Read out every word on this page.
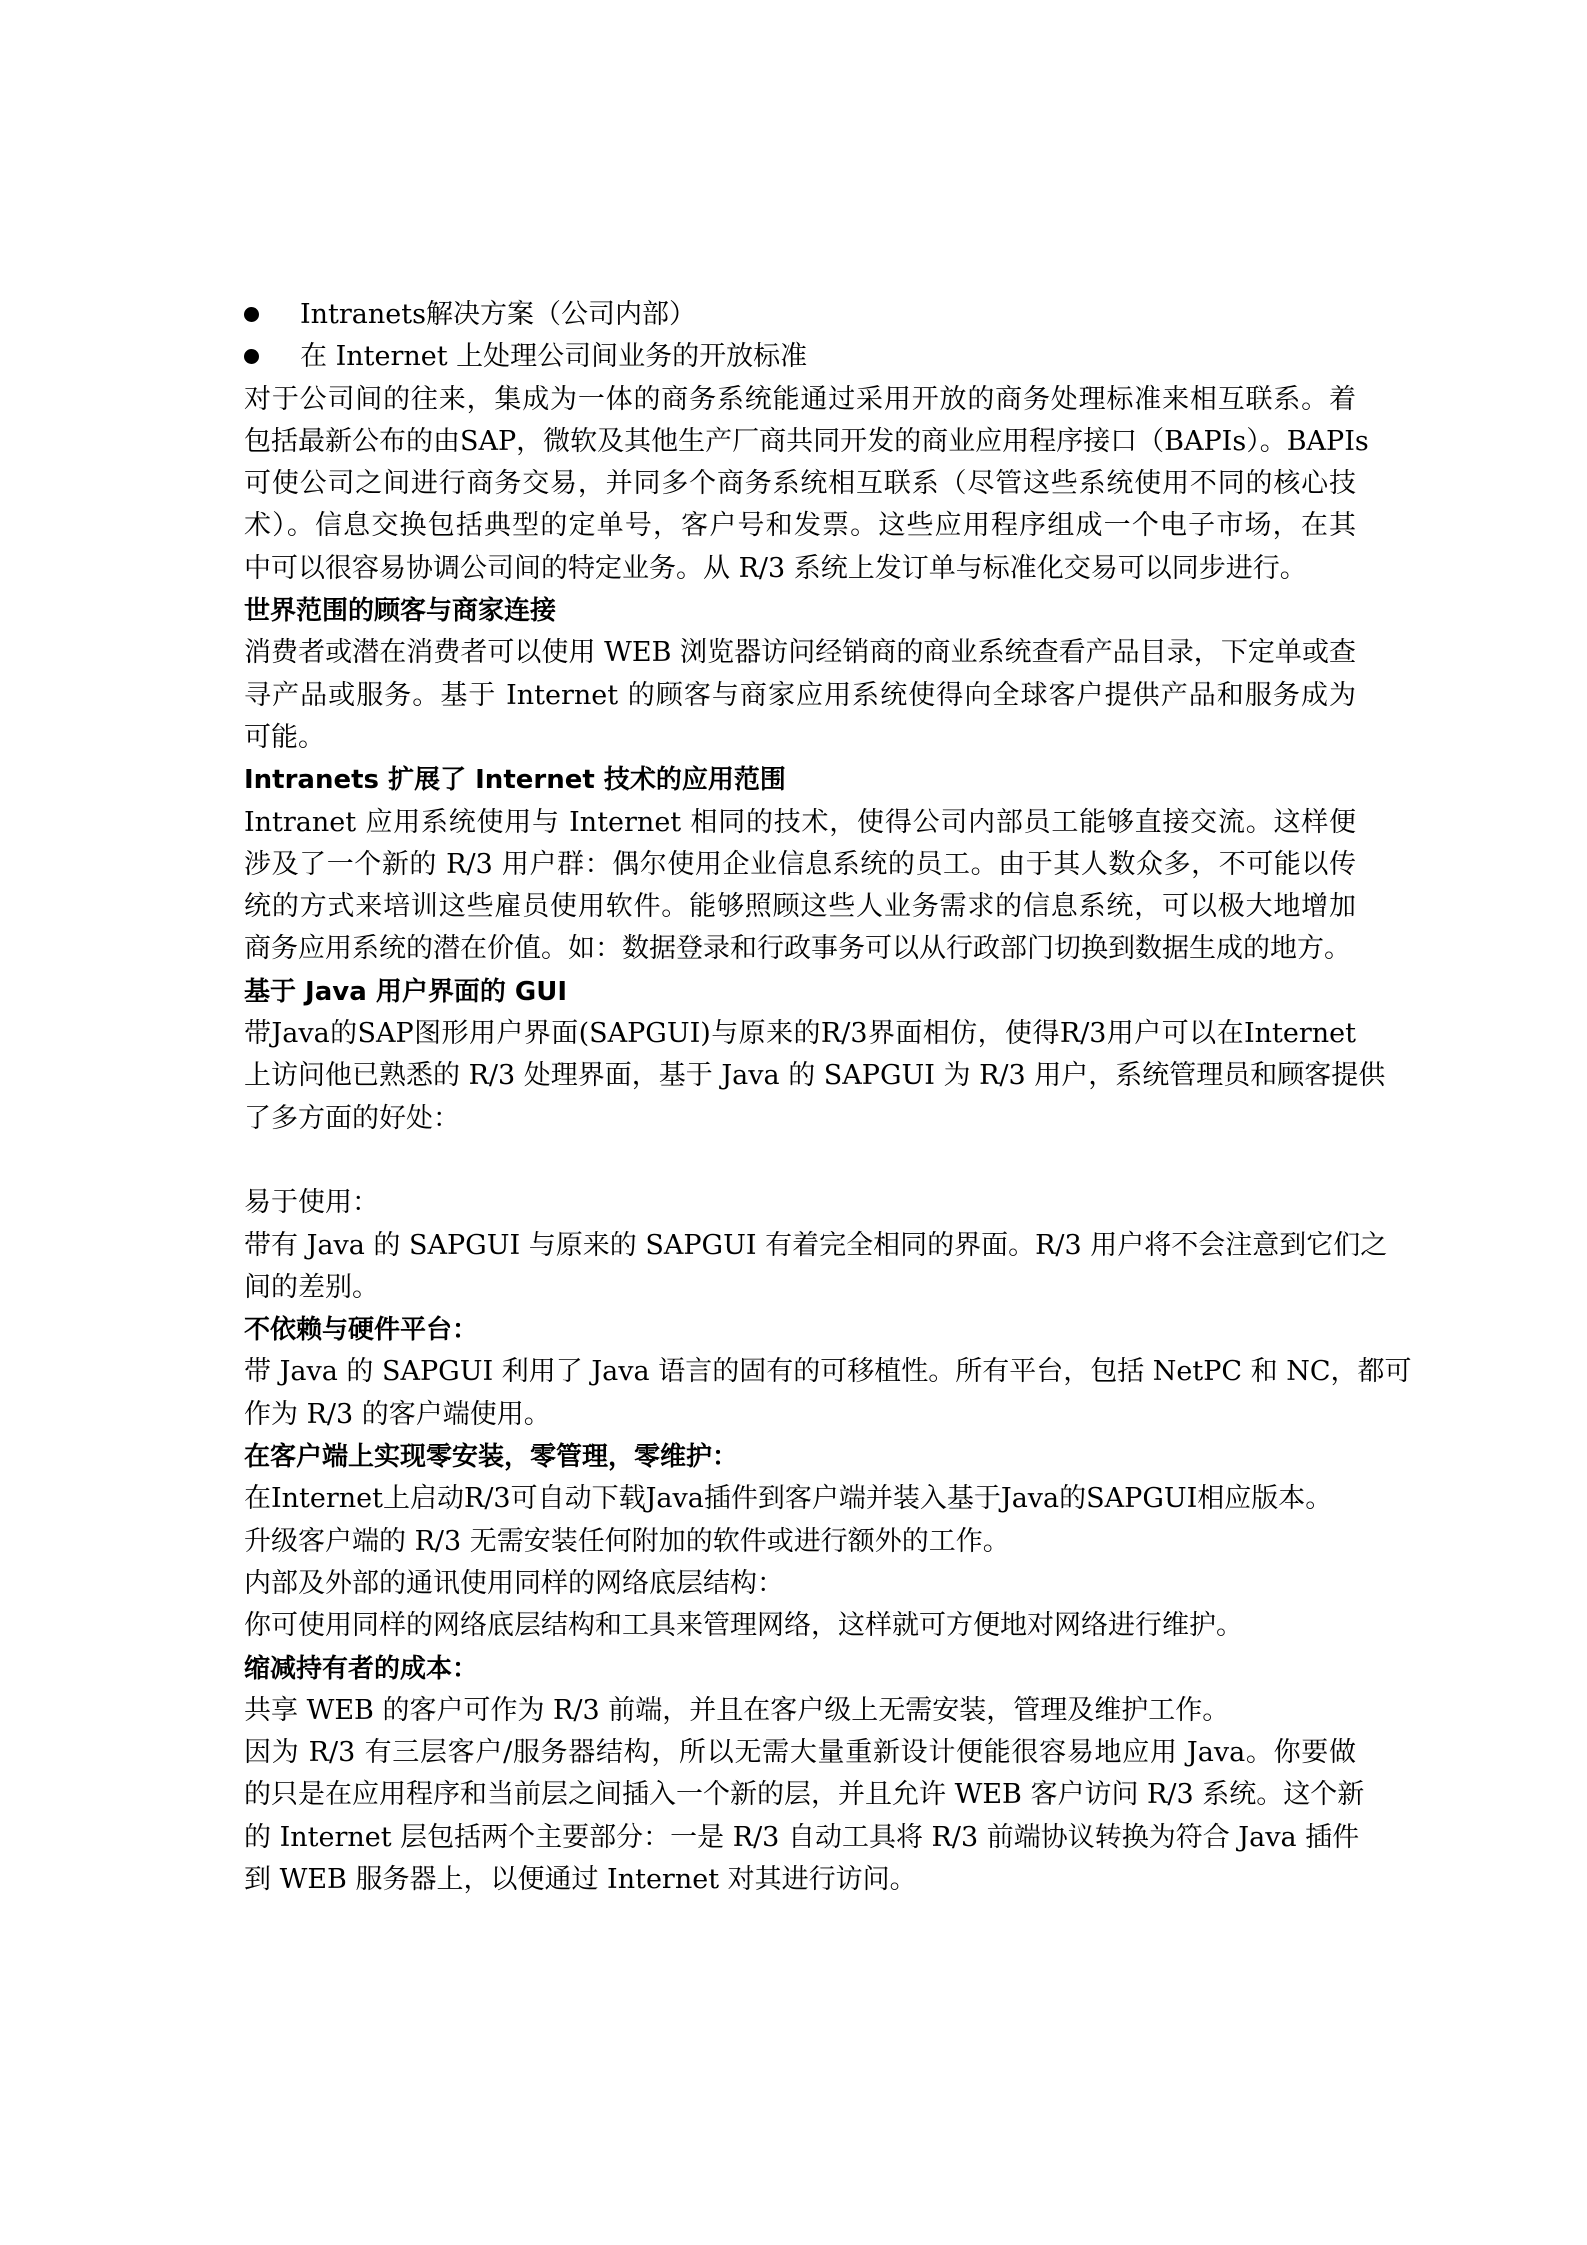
Intranets解决方案（公司内部）
在 Internet 上处理公司间业务的开放标准
对于公司间的往来，集成为一体的商务系统能通过采用开放的商务处理标准来相互联系。着
包括最新公布的由SAP，微软及其他生产厂商共同开发的商业应用程序接口（BAPIs）。BAPIs
可使公司之间进行商务交易，并同多个商务系统相互联系（尽管这些系统使用不同的核心技
术）。信息交换包括典型的定单号，客户号和发票。这些应用程序组成一个电子市场，在其
中可以很容易协调公司间的特定业务。从 R/3 系统上发订单与标准化交易可以同步进行。
世界范围的顾客与商家连接
消费者或潜在消费者可以使用 WEB 浏览器访问经销商的商业系统查看产品目录，下定单或查
寻产品或服务。基于 Internet 的顾客与商家应用系统使得向全球客户提供产品和服务成为
可能。
Intranets 扩展了 Internet 技术的应用范围
Intranet 应用系统使用与 Internet 相同的技术，使得公司内部员工能够直接交流。这样便
涉及了一个新的 R/3 用户群：偶尔使用企业信息系统的员工。由于其人数众多，不可能以传
统的方式来培训这些雇员使用软件。能够照顾这些人业务需求的信息系统，可以极大地增加
商务应用系统的潜在价值。如：数据登录和行政事务可以从行政部门切换到数据生成的地方。
基于 Java 用户界面的 GUI
带Java的SAP图形用户界面(SAPGUI)与原来的R/3界面相仿，使得R/3用户可以在Internet
上访问他已熟悉的 R/3 处理界面，基于 Java 的 SAPGUI 为 R/3 用户，系统管理员和顾客提供
了多方面的好处：
易于使用：
带有 Java 的 SAPGUI 与原来的 SAPGUI 有着完全相同的界面。R/3 用户将不会注意到它们之
间的差别。
不依赖与硬件平台：
带 Java 的 SAPGUI 利用了 Java 语言的固有的可移植性。所有平台，包括 NetPC 和 NC，都可
作为 R/3 的客户端使用。
在客户端上实现零安装，零管理，零维护：
在Internet上启动R/3可自动下载Java插件到客户端并装入基于Java的SAPGUI相应版本。
升级客户端的 R/3 无需安装任何附加的软件或进行额外的工作。
内部及外部的通讯使用同样的网络底层结构：
你可使用同样的网络底层结构和工具来管理网络，这样就可方便地对网络进行维护。
缩减持有者的成本：
共享 WEB 的客户可作为 R/3 前端，并且在客户级上无需安装，管理及维护工作。
因为 R/3 有三层客户/服务器结构，所以无需大量重新设计便能很容易地应用 Java。你要做
的只是在应用程序和当前层之间插入一个新的层，并且允许 WEB 客户访问 R/3 系统。这个新
的 Internet 层包括两个主要部分：一是 R/3 自动工具将 R/3 前端协议转换为符合 Java 插件
到 WEB 服务器上，以便通过 Internet 对其进行访问。
